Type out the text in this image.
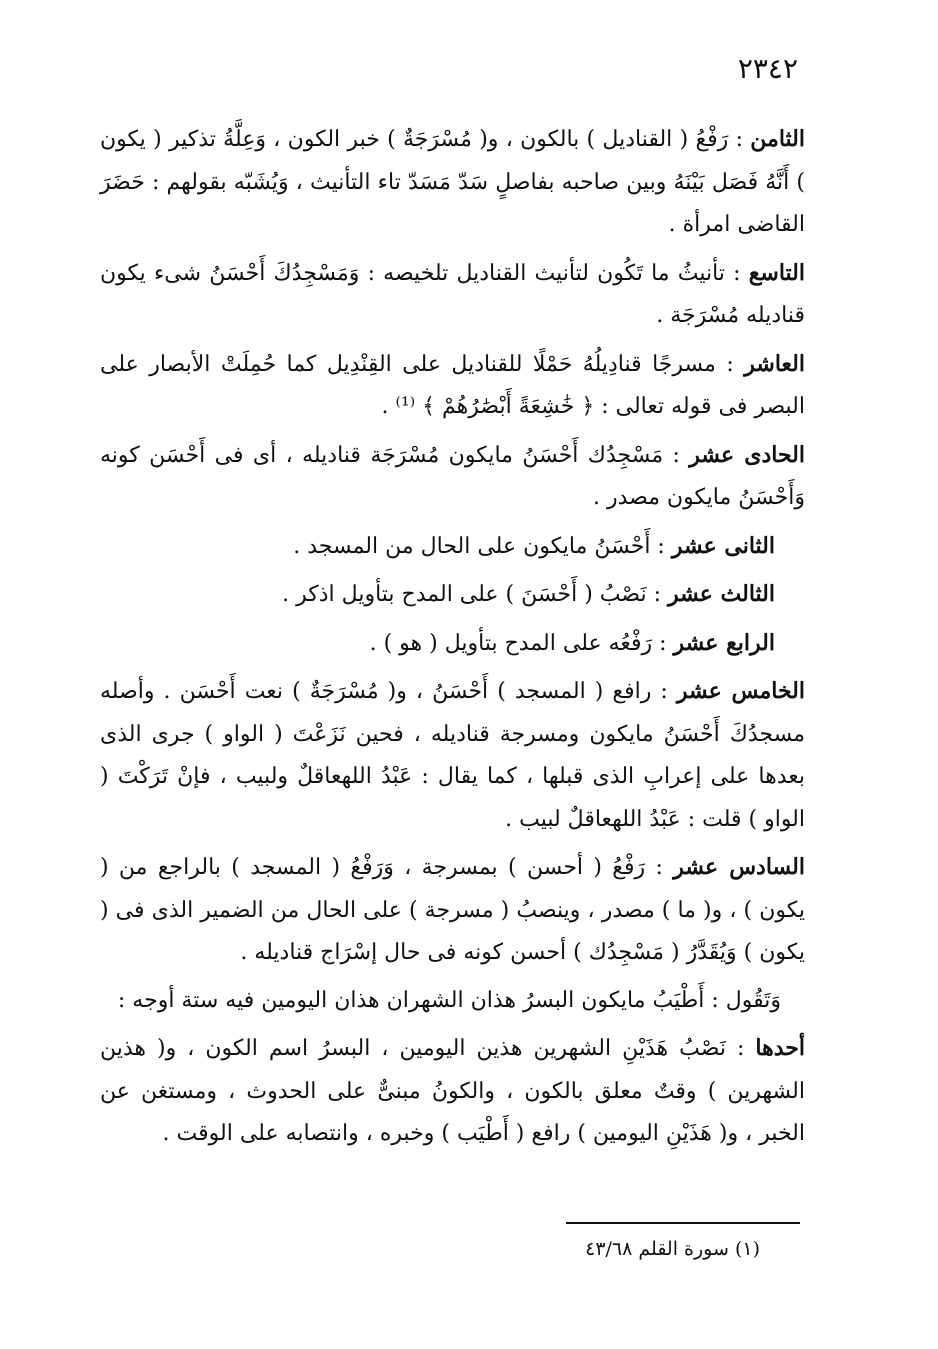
٢٣٤٢

الثامن : رَفْعُ ( القناديل ) بالكون ، و( مُسْرَجَةٌ ) خبر الكون ، وَعِلَّةُ تذكير ( يكون ) أَنَّهُ فَصَل بَيْنَهُ وبين صاحبه بفاصلٍ سَدّ مَسَدّ تاء التأنيث ، وَيُشَبّه بقولهم : حَضَرَ القاضى امرأة .

التاسع : تأنيثُ ما تَكُون لتأنيث القناديل تلخيصه : وَمَسْجِدُكَ أَحْسَنُ شىء يكون قناديله مُسْرَجَة .

العاشر : مسرجًا قنادِيلُهُ حَمْلًا للقناديل على القِنْدِيل كما حُمِلَتْ الأبصار على البصر فى قوله تعالى : ﴿ خَٰشِعَةً أَبْصَٰرُهُمْ ﴾ ⁽¹⁾ .

الحادى عشر : مَسْجِدُك أَحْسَنُ مايكون مُسْرَجَة قناديله ، أى فى أَحْسَن كونه وَأَحْسَنُ مايكون مصدر .

الثانى عشر : أَحْسَنُ مايكون على الحال من المسجد .

الثالث عشر : نَصْبُ ( أَحْسَنَ ) على المدح بتأويل اذكر .

الرابع عشر : رَفْعُه على المدح بتأويل ( هو ) .

الخامس عشر : رافع ( المسجد ) أَحْسَنُ ، و( مُسْرَجَةٌ ) نعت أَحْسَن . وأصله مسجدُكَ أَحْسَنُ مايكون ومسرجة قناديله ، فحين نَزَعْتَ ( الواو ) جرى الذى بعدها على إعرابِ الذى قبلها ، كما يقال : عَبْدُ اللهعاقلٌ ولبيب ، فإنْ تَرَكْتَ ( الواو ) قلت : عَبْدُ اللهعاقلٌ لبيب .

السادس عشر : رَفْعُ ( أحسن ) بمسرجة ، وَرَفْعُ ( المسجد ) بالراجع من ( يكون ) ، و( ما ) مصدر ، وينصبُ ( مسرجة ) على الحال من الضمير الذى فى ( يكون ) وَيُقَدَّرُ ( مَسْجِدُك ) أحسن كونه فى حال إسْرَاج قناديله .

وَتَقُول : أَطْيَبُ مايكون البسرُ هذان الشهران هذان اليومين فيه ستة أوجه :

أحدها : نَصْبُ هَذَيْنِ الشهرين هذين اليومين ، البسرُ اسم الكون ، و( هذين الشهرين ) وقتٌ معلق بالكون ، والكونُ مبنىٌّ على الحدوث ، ومستغن عن الخبر ، و( هَذَيْنِ اليومين ) رافع ( أَطْيَب ) وخبره ، وانتصابه على الوقت .

(١) سورة القلم ٤٣/٦٨
